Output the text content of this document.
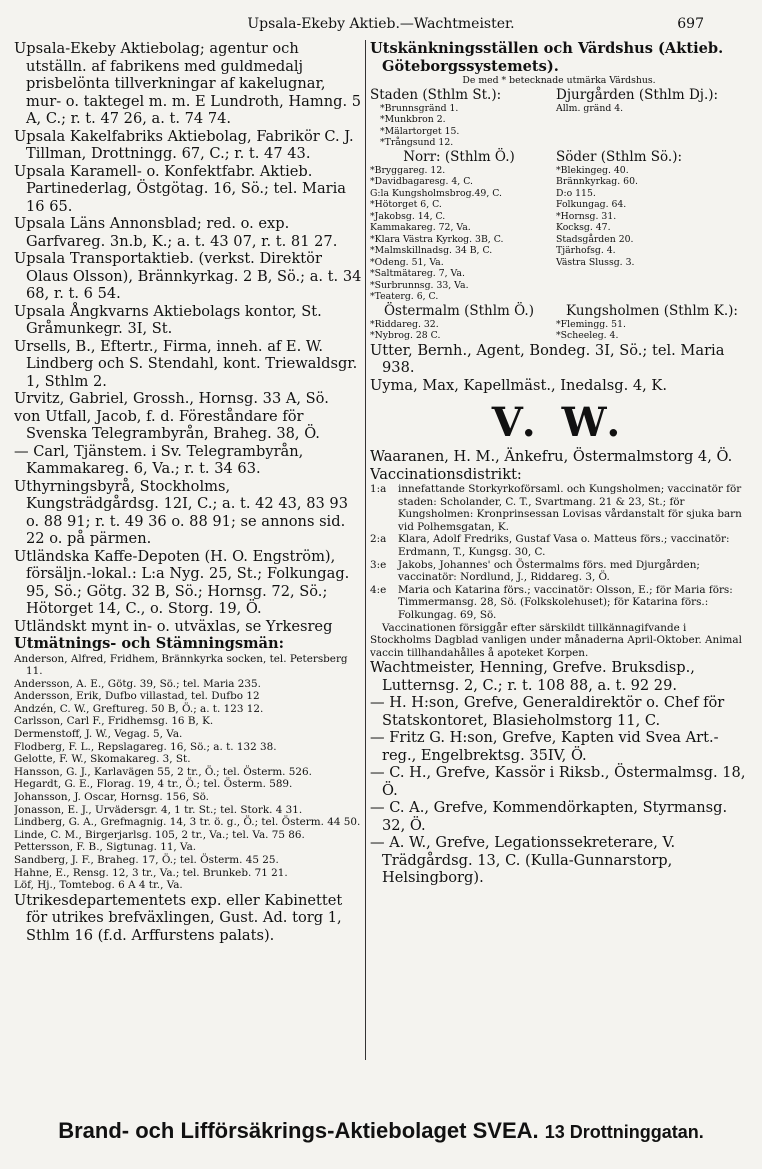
Upsala-Ekeby Aktieb.—Wachtmeister.	697

Upsala-Ekeby Aktiebolag; agentur och utställn. af fabrikens med guldmedalj prisbelönta tillverkningar af kakelugnar, mur- o. taktegel m. m. E Lundroth, Hamng. 5 A, C.; r. t. 47 26, a. t. 74 74.

Upsala Kakelfabriks Aktiebolag, Fabrikör C. J. Tillman, Drottningg. 67, C.; r. t. 47 43.

Upsala Karamell- o. Konfektfabr. Aktieb. Partinederlag, Östgötag. 16, Sö.; tel. Maria 16 65.

Upsala Läns Annonsblad; red. o. exp. Garfvareg. 3n.b, K.; a. t. 43 07, r. t. 81 27.

Upsala Transportaktieb. (verkst. Direktör Olaus Olsson), Brännkyrkag. 2 B, Sö.; a. t. 34 68, r. t. 6 54.

Upsala Ångkvarns Aktiebolags kontor, St. Gråmunkegr. 3I, St.

Ursells, B., Eftertr., Firma, inneh. af E. W. Lindberg och S. Stendahl, kont. Triewaldsgr. 1, Sthlm 2.

Urvitz, Gabriel, Grossh., Hornsg. 33 A, Sö.

von Utfall, Jacob, f. d. Föreståndare för Svenska Telegrambyrån, Braheg. 38, Ö.

— Carl, Tjänstem. i Sv. Telegrambyrån, Kammakareg. 6, Va.; r. t. 34 63.

Uthyrningsbyrå, Stockholms, Kungsträdgårdsg. 12I, C.; a. t. 42 43, 83 93 o. 88 91; r. t. 49 36 o. 88 91; se annons sid. 22 o. på pärmen.

Utländska Kaffe-Depoten (H. O. Engström), försäljn.-lokal.: L:a Nyg. 25, St.; Folkungag. 95, Sö.; Götg. 32 B, Sö.; Hornsg. 72, Sö.; Hötorget 14, C., o. Storg. 19, Ö.

Utländskt mynt in- o. utväxlas, se Yrkesreg

Utmätnings- och Stämningsmän:

Anderson, Alfred, Fridhem, Brännkyrka socken, tel. Petersberg 11.

Andersson, A. E., Götg. 39, Sö.; tel. Maria 235.

Andersson, Erik, Dufbo villastad, tel. Dufbo 12

Andzén, C. W., Greftureg. 50 B, Ö.; a. t. 123 12.

Carlsson, Carl F., Fridhemsg. 16 B, K.

Dermenstoff, J. W., Vegag. 5, Va.

Flodberg, F. L., Repslagareg. 16, Sö.; a. t. 132 38.

Gelotte, F. W., Skomakareg. 3, St.

Hansson, G. J., Karlavägen 55, 2 tr., Ö.; tel. Österm. 526.

Hegardt, G. E., Florag. 19, 4 tr., Ö.; tel. Österm. 589.

Johansson, J. Oscar, Hornsg. 156, Sö.

Jonasson, E. J., Urvädersgr. 4, 1 tr. St.; tel. Stork. 4 31.

Lindberg, G. A., Grefmagnig. 14, 3 tr. ö. g., Ö.; tel. Österm. 44 50.

Linde, C. M., Birgerjarlsg. 105, 2 tr., Va.; tel. Va. 75 86.

Pettersson, F. B., Sigtunag. 11, Va.

Sandberg, J. F., Braheg. 17, Ö.; tel. Österm. 45 25.

Hahne, E., Rensg. 12, 3 tr., Va.; tel. Brunkeb. 71 21.

Löf, Hj., Tomtebog. 6 A 4 tr., Va.

Utrikesdepartementets exp. eller Kabinettet för utrikes brefväxlingen, Gust. Ad. torg 1, Sthlm 16 (f.d. Arffurstens palats).

Utskänkningsställen och Värdshus (Aktieb. Göteborgssystemets).

De med * betecknade utmärka Värdshus.

Staden (Sthlm St.):
*Brunnsgränd 1.
*Munkbron 2.
*Mälartorget 15.
*Trångsund 12.
Djurgården (Sthlm Dj.):
Allm. gränd 4.
Norr: (Sthlm Ö.)
*Bryggareg. 12.
*Davidbagaresg. 4, C.
G:la Kungsholmsbrog.49, C.
*Hötorget 6, C.
*Jakobsg. 14, C.
Kammakareg. 72, Va.
*Klara Västra Kyrkog. 3B, C.
*Malmskillnadsg. 34 B, C.
*Odeng. 51, Va.
*Saltmätareg. 7, Va.
*Surbrunnsg. 33, Va.
*Teaterg. 6, C.
Söder (Sthlm Sö.):
*Blekingeg. 40.
Brännkyrkag. 60.
D:o 115.
Folkungag. 64.
*Hornsg. 31.
Kocksg. 47.
Stadsgården 20.
Tjärhofsg. 4.
Västra Slussg. 3.
Östermalm (Sthlm Ö.)
*Riddareg. 32.
*Nybrog. 28 C.
Kungsholmen (Sthlm K.):
*Flemingg. 51.
*Scheeleg. 4.
Utter, Bernh., Agent, Bondeg. 3I, Sö.; tel. Maria 938.
Uyma, Max, Kapellmäst., Inedalsg. 4, K.
V. W.

Waaranen, H. M., Änkefru, Östermalmstorg 4, Ö.

Vaccinationsdistrikt:

1:a	innefattande Storkyrkoförsaml. och Kungsholmen; vaccinatör för staden: Scholander, C. T., Svartmang. 21 & 23, St.; för Kungsholmen: Kronprinsessan Lovisas vårdanstalt för sjuka barn vid Polhemsgatan, K.
2:a	Klara, Adolf Fredriks, Gustaf Vasa o. Matteus förs.; vaccinatör: Erdmann, T., Kungsg. 30, C.
3:e	Jakobs, Johannes' och Östermalms förs. med Djurgården; vaccinatör: Nordlund, J., Riddareg. 3, Ö.
4:e	Maria och Katarina förs.; vaccinatör: Olsson, E.; för Maria förs: Timmermansg. 28, Sö. (Folkskolehuset); för Katarina förs.: Folkungag. 69, Sö.

Vaccinationen försiggår efter särskildt tillkännagifvande i Stockholms Dagblad vanligen under månaderna April-Oktober. Animal vaccin tillhandahålles å apoteket Korpen.

Wachtmeister, Henning, Grefve. Bruksdisp., Lutternsg. 2, C.; r. t. 108 88, a. t. 92 29.
— H. H:son, Grefve, Generaldirektör o. Chef för Statskontoret, Blasieholmstorg 11, C.
— Fritz G. H:son, Grefve, Kapten vid Svea Art.-reg., Engelbrektsg. 35IV, Ö.
— C. H., Grefve, Kassör i Riksb., Östermalmsg. 18, Ö.
— C. A., Grefve, Kommendörkapten, Styrmansg. 32, Ö.
— A. W., Grefve, Legationssekreterare, V. Trädgårdsg. 13, C. (Kulla-Gunnarstorp, Helsingborg).
Brand- och Lifförsäkrings-Aktiebolaget SVEA. 13 Drottninggatan.
